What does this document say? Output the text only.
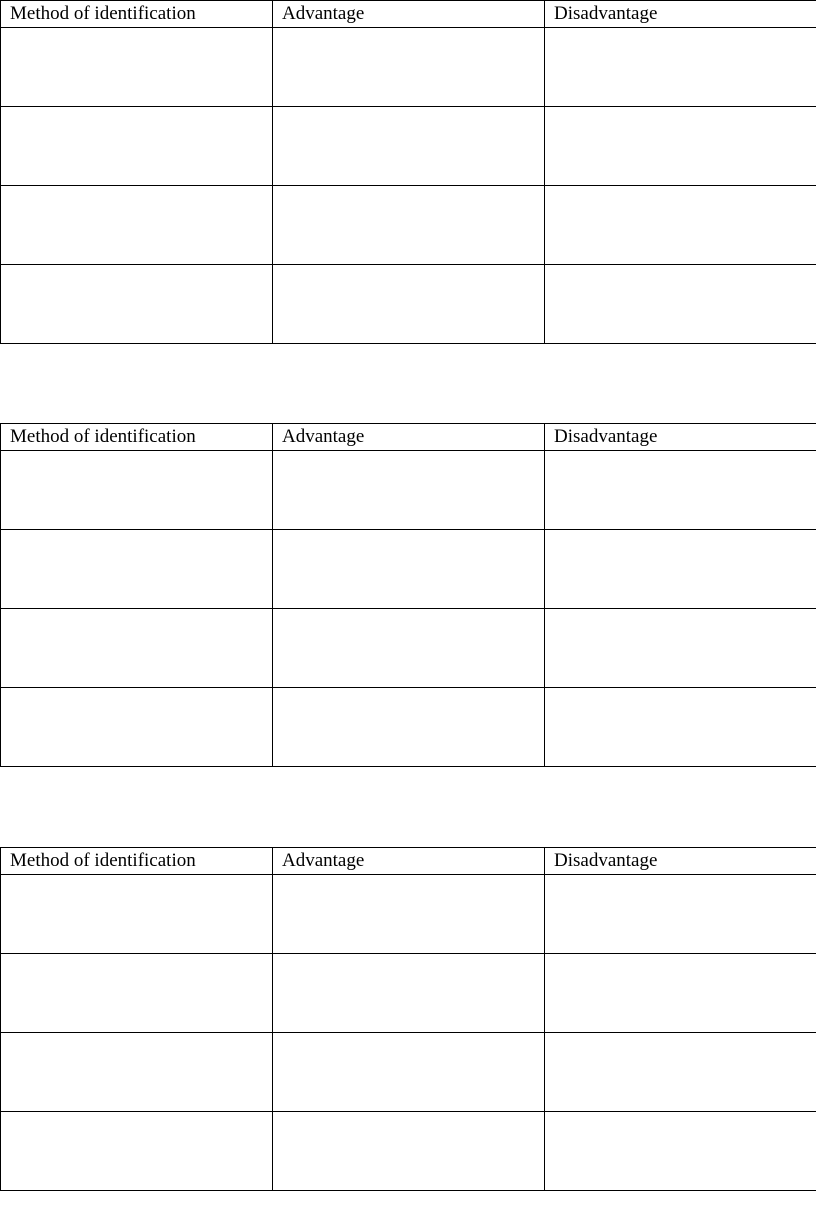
Method of identification	Advantage	Disadvantage

Method of identification	Advantage	Disadvantage

Method of identification	Advantage	Disadvantage
